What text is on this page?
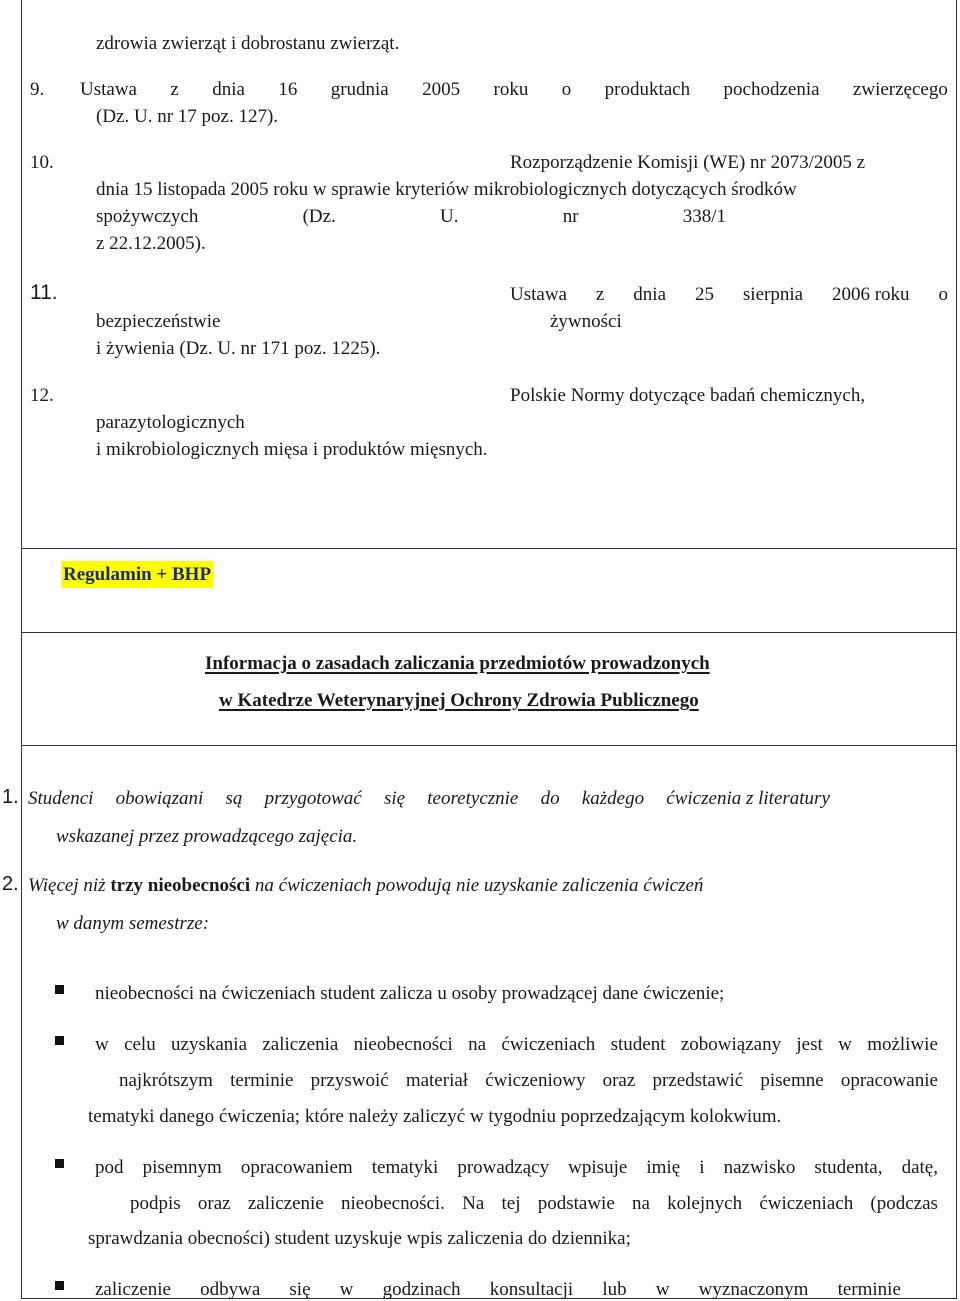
zdrowia zwierząt i dobrostanu zwierząt.
9. Ustawa z dnia 16 grudnia 2005 roku o produktach pochodzenia zwierzęcego
(Dz. U. nr 17 poz. 127).
10.	Rozporządzenie Komisji (WE) nr 2073/2005 z
dnia 15 listopada 2005 roku w sprawie kryteriów mikrobiologicznych dotyczących środków
spożywczych	(Dz.	U.	nr	338/1
z 22.12.2005).
11.	Ustawa z dnia 25 sierpnia 2006 roku o
bezpieczeństwie	żywności
i żywienia (Dz. U. nr 171 poz. 1225).
12.	Polskie Normy dotyczące badań chemicznych,
parazytologicznych
i mikrobiologicznych mięsa i produktów mięsnych.
Regulamin + BHP
Informacja o zasadach zaliczania przedmiotów prowadzonych
w Katedrze Weterynaryjnej Ochrony Zdrowia Publicznego
1. Studenci obowiązani są przygotować się teoretycznie do każdego ćwiczenia z literatury
wskazanej przez prowadzącego zajęcia.
2. Więcej niż trzy nieobecności na ćwiczeniach powodują nie uzyskanie zaliczenia ćwiczeń
w danym semestrze:
nieobecności na ćwiczeniach student zalicza u osoby prowadzącej dane ćwiczenie;
w celu uzyskania zaliczenia nieobecności na ćwiczeniach student zobowiązany jest w możliwie
najkrótszym terminie przyswoić materiał ćwiczeniowy oraz przedstawić pisemne opracowanie
tematyki danego ćwiczenia; które należy zaliczyć w tygodniu poprzedzającym kolokwium.
pod pisemnym opracowaniem tematyki prowadzący wpisuje imię i nazwisko studenta, datę,
podpis oraz zaliczenie nieobecności. Na tej podstawie na kolejnych ćwiczeniach (podczas
sprawdzania obecności) student uzyskuje wpis zaliczenia do dziennika;
zaliczenie odbywa się w godzinach konsultacji lub w wyznaczonym terminie
